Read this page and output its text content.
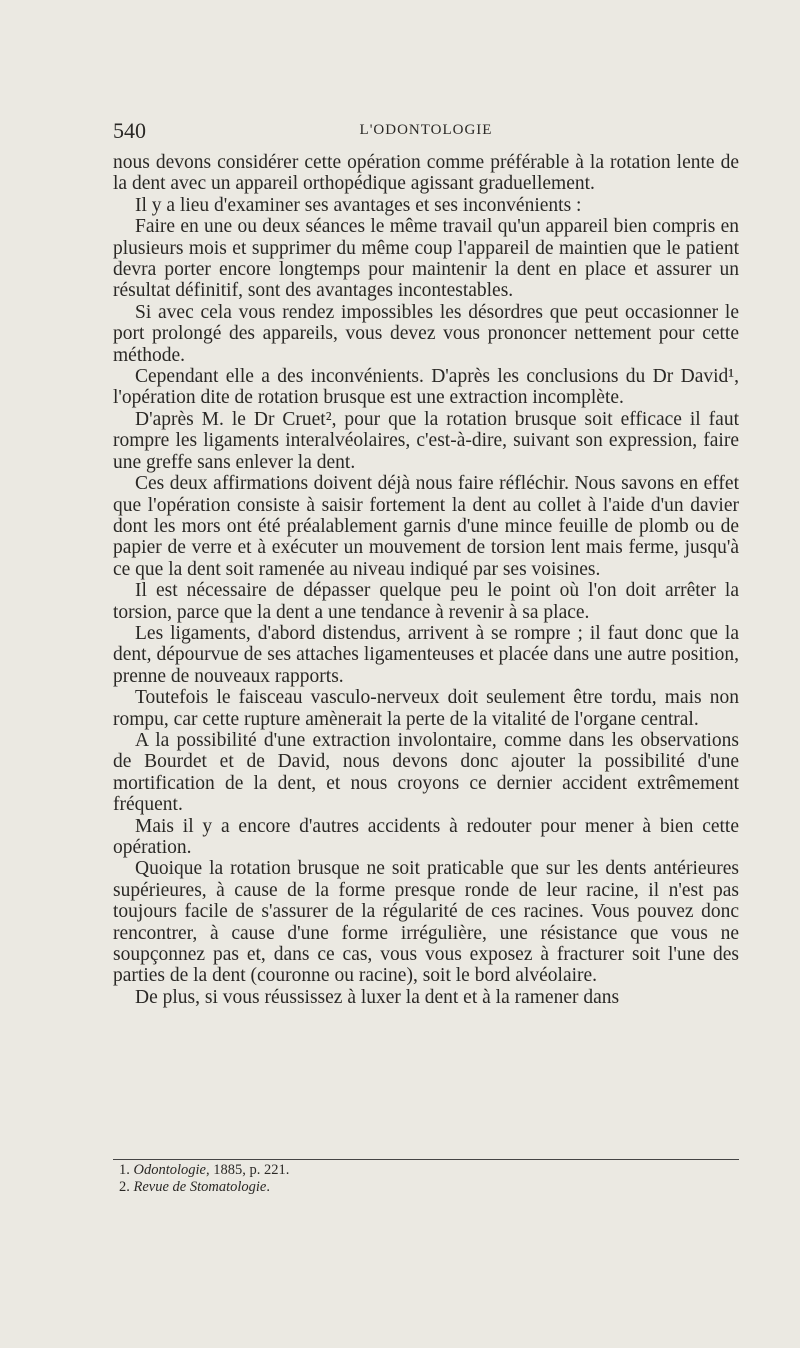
540	L'ODONTOLOGIE

nous devons considérer cette opération comme préférable à la rotation lente de la dent avec un appareil orthopédique agissant graduellement.

Il y a lieu d'examiner ses avantages et ses inconvénients :

Faire en une ou deux séances le même travail qu'un appareil bien compris en plusieurs mois et supprimer du même coup l'appareil de maintien que le patient devra porter encore longtemps pour maintenir la dent en place et assurer un résultat définitif, sont des avantages incontestables.

Si avec cela vous rendez impossibles les désordres que peut occasionner le port prolongé des appareils, vous devez vous prononcer nettement pour cette méthode.

Cependant elle a des inconvénients. D'après les conclusions du Dr David¹, l'opération dite de rotation brusque est une extraction incomplète.

D'après M. le Dr Cruet², pour que la rotation brusque soit efficace il faut rompre les ligaments interalvéolaires, c'est-à-dire, suivant son expression, faire une greffe sans enlever la dent.

Ces deux affirmations doivent déjà nous faire réfléchir. Nous savons en effet que l'opération consiste à saisir fortement la dent au collet à l'aide d'un davier dont les mors ont été préalablement garnis d'une mince feuille de plomb ou de papier de verre et à exécuter un mouvement de torsion lent mais ferme, jusqu'à ce que la dent soit ramenée au niveau indiqué par ses voisines.

Il est nécessaire de dépasser quelque peu le point où l'on doit arrêter la torsion, parce que la dent a une tendance à revenir à sa place.

Les ligaments, d'abord distendus, arrivent à se rompre ; il faut donc que la dent, dépourvue de ses attaches ligamenteuses et placée dans une autre position, prenne de nouveaux rapports.

Toutefois le faisceau vasculo-nerveux doit seulement être tordu, mais non rompu, car cette rupture amènerait la perte de la vitalité de l'organe central.

A la possibilité d'une extraction involontaire, comme dans les observations de Bourdet et de David, nous devons donc ajouter la possibilité d'une mortification de la dent, et nous croyons ce dernier accident extrêmement fréquent.

Mais il y a encore d'autres accidents à redouter pour mener à bien cette opération.

Quoique la rotation brusque ne soit praticable que sur les dents antérieures supérieures, à cause de la forme presque ronde de leur racine, il n'est pas toujours facile de s'assurer de la régularité de ces racines. Vous pouvez donc rencontrer, à cause d'une forme irrégulière, une résistance que vous ne soupçonnez pas et, dans ce cas, vous vous exposez à fracturer soit l'une des parties de la dent (couronne ou racine), soit le bord alvéolaire.

De plus, si vous réussissez à luxer la dent et à la ramener dans

1. Odontologie, 1885, p. 221.
2. Revue de Stomatologie.
